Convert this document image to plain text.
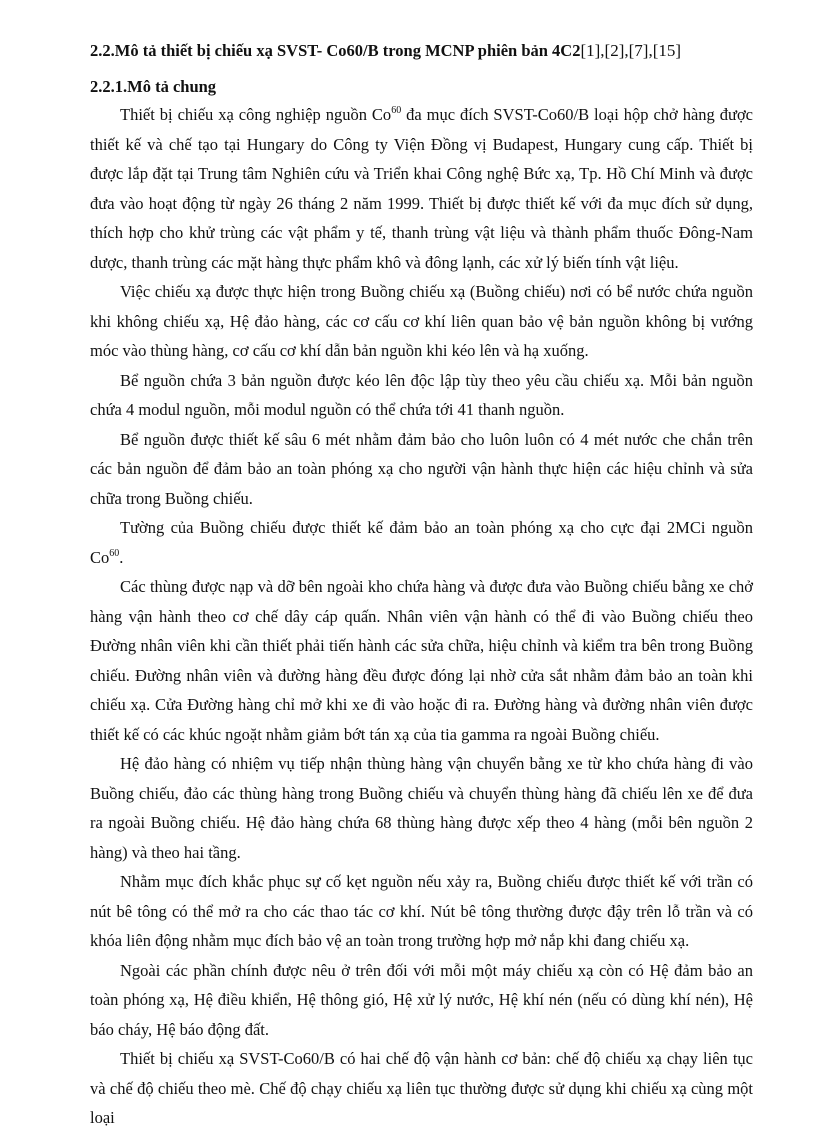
2.2.Mô tả thiết bị chiếu xạ SVST- Co60/B trong MCNP phiên bản 4C2[1],[2],[7],[15]
2.2.1.Mô tả chung

Thiết bị chiếu xạ công nghiệp nguồn Co$^{60}$ đa mục đích SVST-Co60/B loại hộp chở hàng được thiết kế và chế tạo tại Hungary do Công ty Viện Đồng vị Budapest, Hungary cung cấp. Thiết bị được lắp đặt tại Trung tâm Nghiên cứu và Triển khai Công nghệ Bức xạ, Tp. Hồ Chí Minh và được đưa vào hoạt động từ ngày 26 tháng 2 năm 1999. Thiết bị được thiết kế với đa mục đích sử dụng, thích hợp cho khử trùng các vật phẩm y tế, thanh trùng vật liệu và thành phẩm thuốc Đông-Nam dược, thanh trùng các mặt hàng thực phẩm khô và đông lạnh, các xử lý biến tính vật liệu.

Việc chiếu xạ được thực hiện trong Buồng chiếu xạ (Buồng chiếu) nơi có bể nước chứa nguồn khi không chiếu xạ, Hệ đảo hàng, các cơ cấu cơ khí liên quan bảo vệ bản nguồn không bị vướng móc vào thùng hàng, cơ cấu cơ khí dẫn bản nguồn khi kéo lên và hạ xuống.

Bể nguồn chứa 3 bản nguồn được kéo lên độc lập tùy theo yêu cầu chiếu xạ. Mỗi bản nguồn chứa 4 modul nguồn, mỗi modul nguồn có thể chứa tới 41 thanh nguồn.

Bể nguồn được thiết kế sâu 6 mét nhằm đảm bảo cho luôn luôn có 4 mét nước che chắn trên các bản nguồn để đảm bảo an toàn phóng xạ cho người vận hành thực hiện các hiệu chỉnh và sửa chữa trong Buồng chiếu.

Tường của Buồng chiếu được thiết kế đảm bảo an toàn phóng xạ cho cực đại 2MCi nguồn Co$^{60}$.

Các thùng được nạp và dỡ bên ngoài kho chứa hàng và được đưa vào Buồng chiếu bằng xe chở hàng vận hành theo cơ chế dây cáp quấn. Nhân viên vận hành có thể đi vào Buồng chiếu theo Đường nhân viên khi cần thiết phải tiến hành các sửa chữa, hiệu chỉnh và kiểm tra bên trong Buồng chiếu. Đường nhân viên và đường hàng đều được đóng lại nhờ cửa sắt nhằm đảm bảo an toàn khi chiếu xạ. Cửa Đường hàng chỉ mở khi xe đi vào hoặc đi ra. Đường hàng và đường nhân viên được thiết kế có các khúc ngoặt nhằm giảm bớt tán xạ của tia gamma ra ngoài Buồng chiếu.

Hệ đảo hàng có nhiệm vụ tiếp nhận thùng hàng vận chuyển bằng xe từ kho chứa hàng đi vào Buồng chiếu, đảo các thùng hàng trong Buồng chiếu và chuyển thùng hàng đã chiếu lên xe để đưa ra ngoài Buồng chiếu. Hệ đảo hàng chứa 68 thùng hàng được xếp theo 4 hàng (mỗi bên nguồn 2 hàng) và theo hai tầng.

Nhằm mục đích khắc phục sự cố kẹt nguồn nếu xảy ra, Buồng chiếu được thiết kế với trần có nút bê tông có thể mở ra cho các thao tác cơ khí. Nút bê tông thường được đậy trên lỗ trần và có khóa liên động nhằm mục đích bảo vệ an toàn trong trường hợp mở nắp khi đang chiếu xạ.

Ngoài các phần chính được nêu ở trên đối với mỗi một máy chiếu xạ còn có Hệ đảm bảo an toàn phóng xạ, Hệ điều khiển, Hệ thông gió, Hệ xử lý nước, Hệ khí nén (nếu có dùng khí nén), Hệ báo cháy, Hệ báo động đất.

Thiết bị chiếu xạ SVST-Co60/B có hai chế độ vận hành cơ bản: chế độ chiếu xạ chạy liên tục và chế độ chiếu theo mè. Chế độ chạy chiếu xạ liên tục thường được sử dụng khi chiếu xạ cùng một loại
